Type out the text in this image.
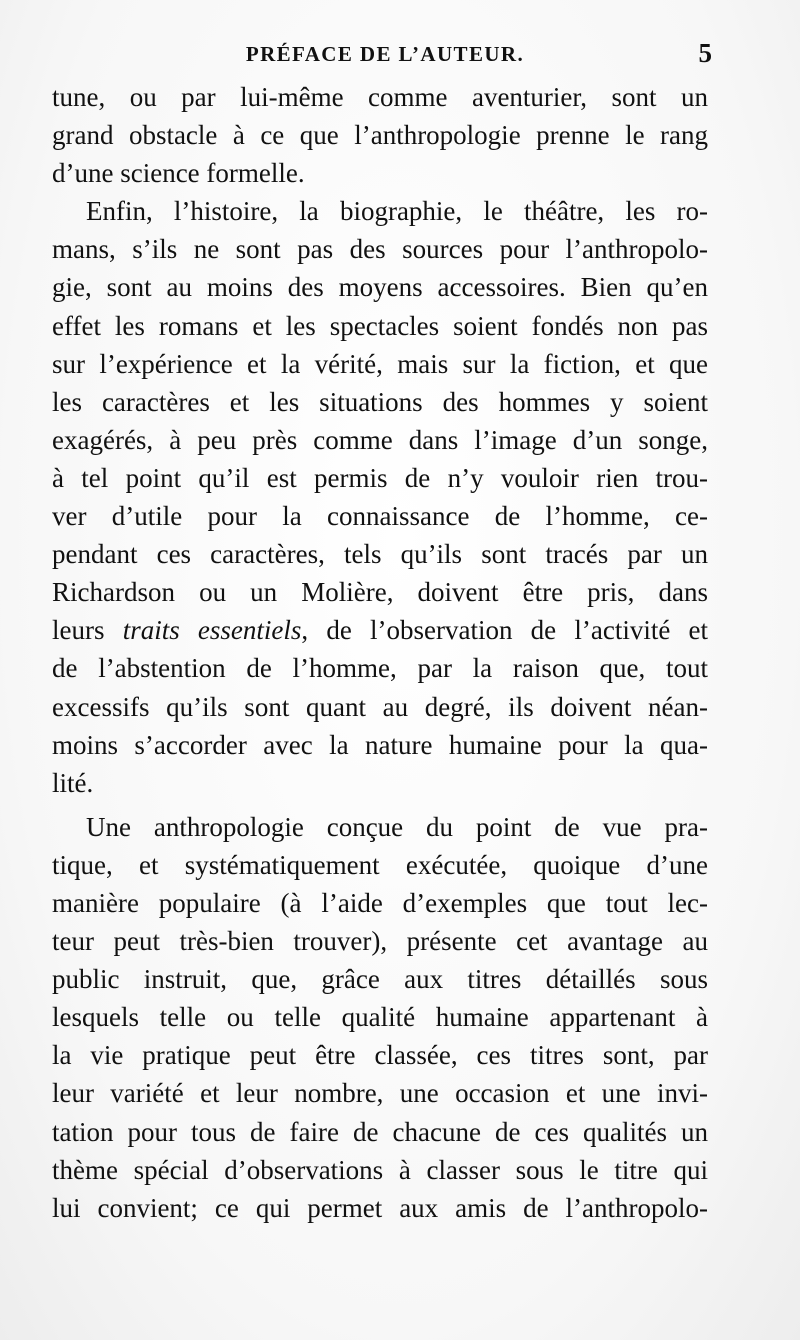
PRÉFACE DE L’AUTEUR.	5
tune, ou par lui-même comme aventurier, sont un
grand obstacle à ce que l’anthropologie prenne le rang
d’une science formelle.
Enfin, l’histoire, la biographie, le théâtre, les ro-
mans, s’ils ne sont pas des sources pour l’anthropolo-
gie, sont au moins des moyens accessoires. Bien qu’en
effet les romans et les spectacles soient fondés non pas
sur l’expérience et la vérité, mais sur la fiction, et que
les caractères et les situations des hommes y soient
exagérés, à peu près comme dans l’image d’un songe,
à tel point qu’il est permis de n’y vouloir rien trou-
ver d’utile pour la connaissance de l’homme, ce-
pendant ces caractères, tels qu’ils sont tracés par un
Richardson ou un Molière, doivent être pris, dans
leurs traits essentiels, de l’observation de l’activité et
de l’abstention de l’homme, par la raison que, tout
excessifs qu’ils sont quant au degré, ils doivent néan-
moins s’accorder avec la nature humaine pour la qua-
lité.
Une anthropologie conçue du point de vue pra-
tique, et systématiquement exécutée, quoique d’une
manière populaire (à l’aide d’exemples que tout lec-
teur peut très-bien trouver), présente cet avantage au
public instruit, que, grâce aux titres détaillés sous
lesquels telle ou telle qualité humaine appartenant à
la vie pratique peut être classée, ces titres sont, par
leur variété et leur nombre, une occasion et une invi-
tation pour tous de faire de chacune de ces qualités un
thème spécial d’observations à classer sous le titre qui
lui convient; ce qui permet aux amis de l’anthropolo-
